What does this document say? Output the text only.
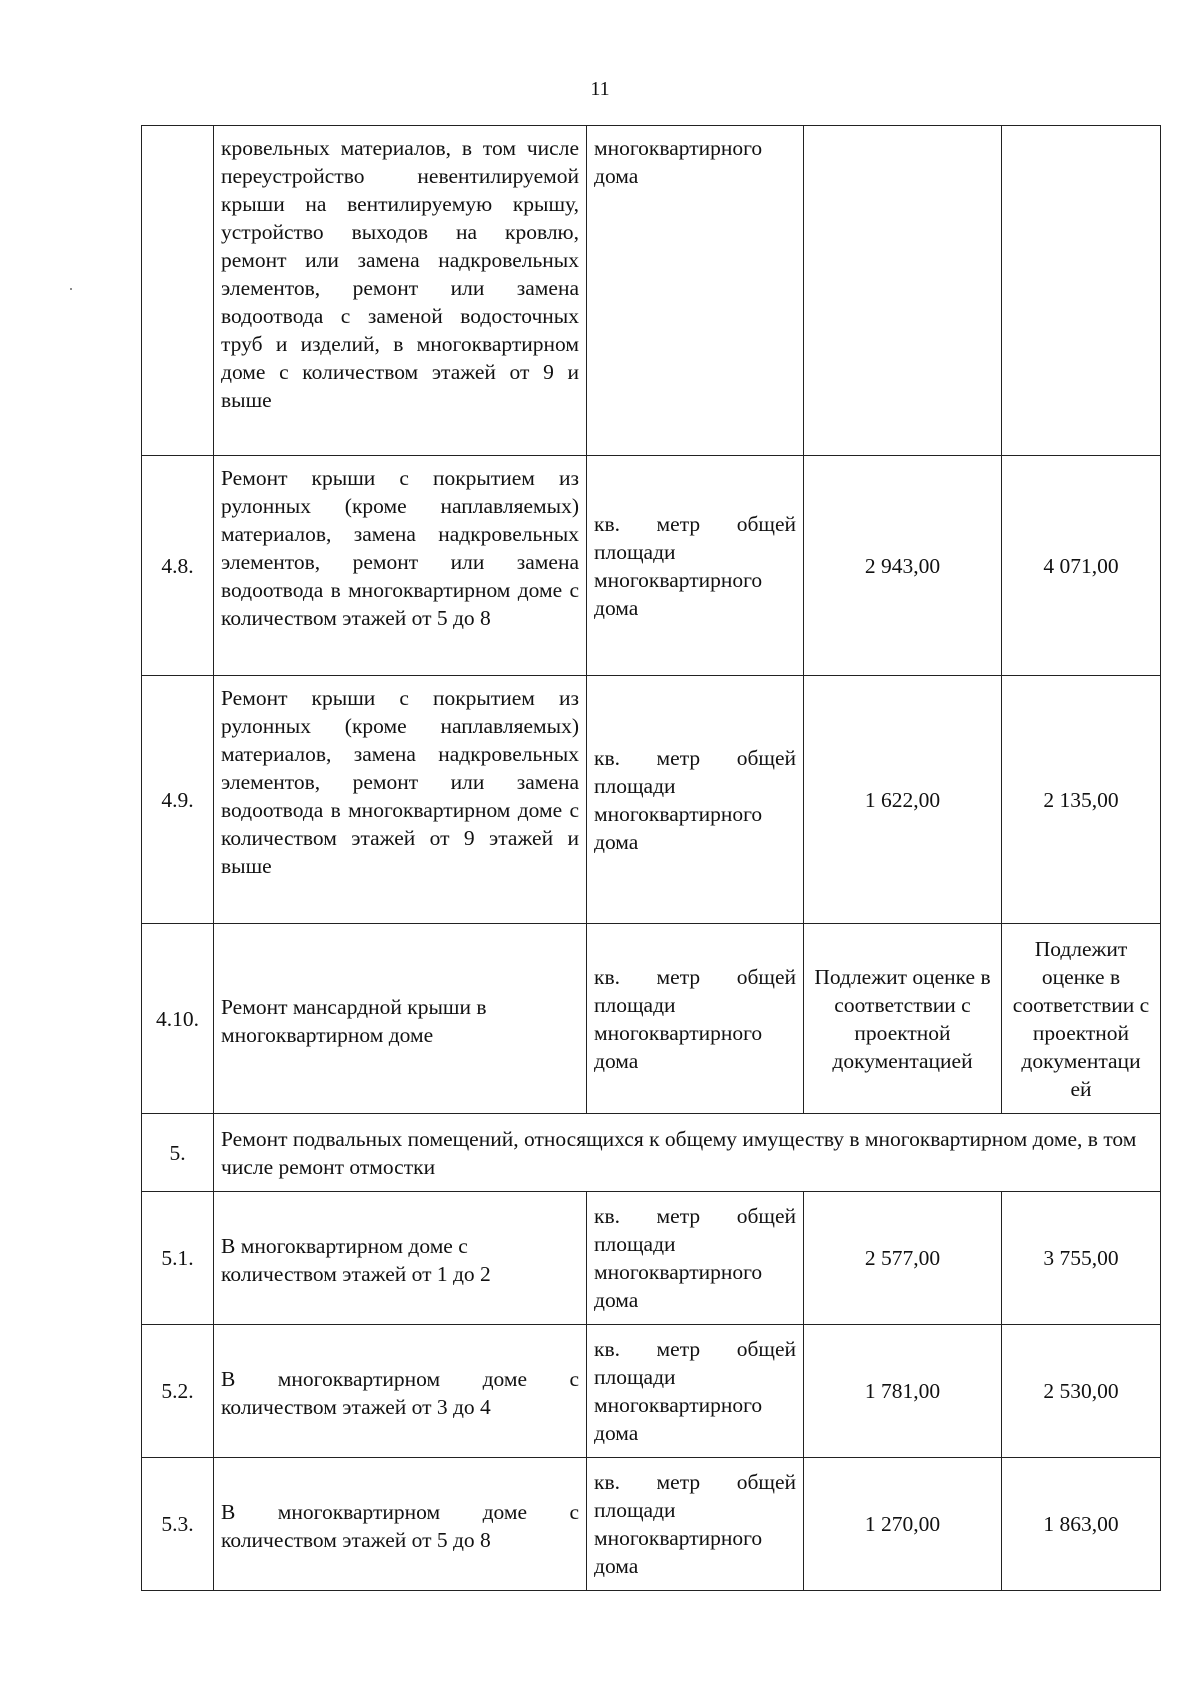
11
	кровельных материалов, в том числе переустройство невентилируемой крыши на вентилируемую крышу, устройство выходов на кровлю, ремонт или замена надкровельных элементов, ремонт или замена водоотвода с заменой водосточных труб и изделий, в многоквартирном доме с количеством этажей от 9 и выше	многоквартирного дома		
4.8.	Ремонт крыши с покрытием из рулонных (кроме наплавляемых) материалов, замена надкровельных элементов, ремонт или замена водоотвода в многоквартирном доме с количеством этажей от 5 до 8	кв. метр общей площади многоквартирного дома	2 943,00	4 071,00
4.9.	Ремонт крыши с покрытием из рулонных (кроме наплавляемых) материалов, замена надкровельных элементов, ремонт или замена водоотвода в многоквартирном доме с количеством этажей от 9 этажей и выше	кв. метр общей площади многоквартирного дома	1 622,00	2 135,00
4.10.	Ремонт мансардной крыши в многоквартирном доме	кв. метр общей площади многоквартирного дома	Подлежит оценке в соответствии с проектной документацией	Подлежит оценке в соответствии с проектной документаци ей
5.	Ремонт подвальных помещений, относящихся к общему имуществу в многоквартирном доме, в том числе ремонт отмостки			
5.1.	В многоквартирном доме с количеством этажей от 1 до 2	кв. метр общей площади многоквартирного дома	2 577,00	3 755,00
5.2.	В многоквартирном доме с количеством этажей от 3 до 4	кв. метр общей площади многоквартирного дома	1 781,00	2 530,00
5.3.	В многоквартирном доме с количеством этажей от 5 до 8	кв. метр общей площади многоквартирного дома	1 270,00	1 863,00
